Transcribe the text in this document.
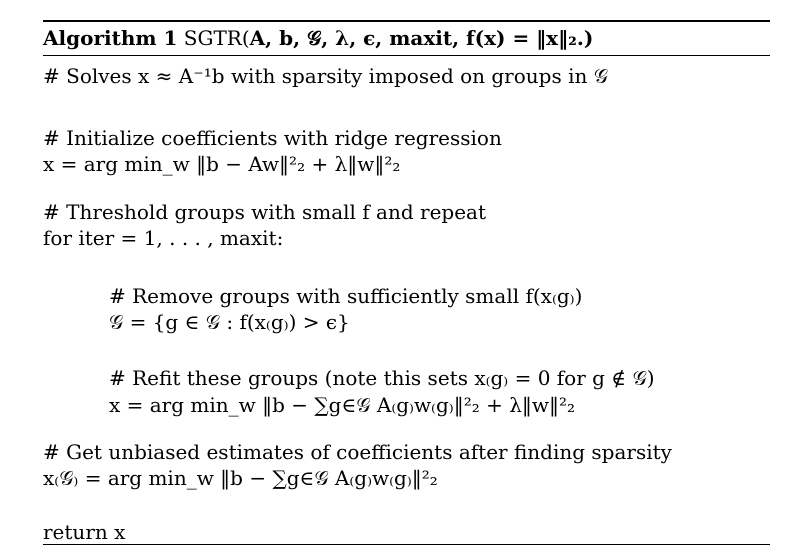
Algorithm 1 SGTR(A, b, 𝒢, λ, ϵ, maxit, f(x) = ‖x‖₂.)
# Solves x ≈ A⁻¹b with sparsity imposed on groups in 𝒢
# Initialize coefficients with ridge regression
x = arg min_w ‖b − Aw‖²₂ + λ‖w‖²₂
# Threshold groups with small f and repeat
for iter = 1, . . . , maxit:
# Remove groups with sufficiently small f(x₍g₎)
𝒢 = {g ∈ 𝒢 : f(x₍g₎) > ϵ}
# Refit these groups (note this sets x₍g₎ = 0 for g ∉ 𝒢)
x = arg min_w ‖b − ∑g∈𝒢 A₍g₎w₍g₎‖²₂ + λ‖w‖²₂
# Get unbiased estimates of coefficients after finding sparsity
x₍𝒢₎ = arg min_w ‖b − ∑g∈𝒢 A₍g₎w₍g₎‖²₂
return x
